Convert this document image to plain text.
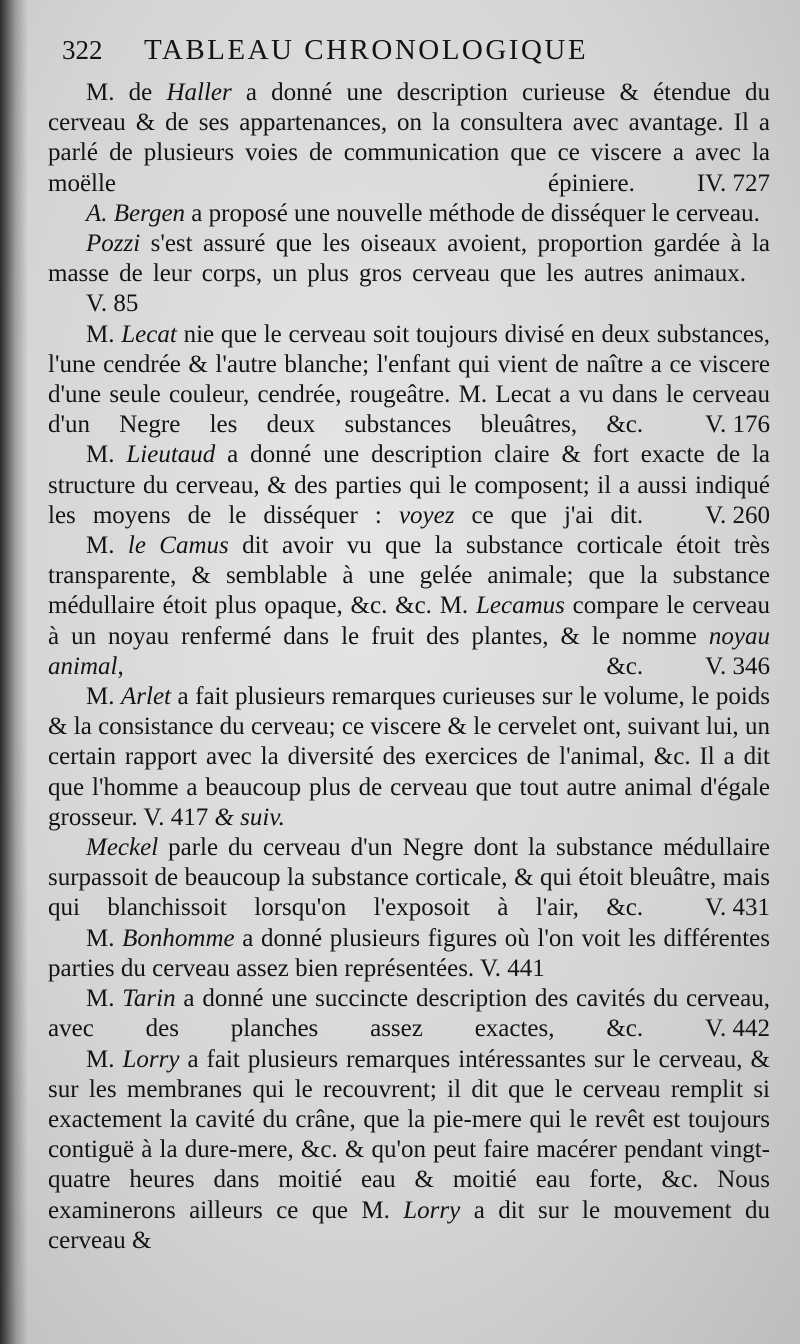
322	TABLEAU CHRONOLOGIQUE

M. de Haller a donné une description curieuse & étendue du cerveau & de ses appartenances, on la consultera avec avantage. Il a parlé de plusieurs voies de communication que ce viscere a avec la moëlle épiniere. IV. 727

A. Bergen a proposé une nouvelle méthode de disséquer le cerveau.

Pozzi s'est assuré que les oiseaux avoient, proportion gardée à la masse de leur corps, un plus gros cerveau que les autres animaux.V. 85

M. Lecat nie que le cerveau soit toujours divisé en deux substances, l'une cendrée & l'autre blanche; l'enfant qui vient de naître a ce viscere d'une seule couleur, cendrée, rougeâtre. M. Lecat a vu dans le cerveau d'un Negre les deux substances bleuâtres, &c. V. 176

M. Lieutaud a donné une description claire & fort exacte de la structure du cerveau, & des parties qui le composent; il a aussi indiqué les moyens de le disséquer : voyez ce que j'ai dit. V. 260

M. le Camus dit avoir vu que la substance corticale étoit très transparente, & semblable à une gelée animale; que la substance médullaire étoit plus opaque, &c. &c. M. Lecamus compare le cerveau à un noyau renfermé dans le fruit des plantes, & le nomme noyau animal, &c. V. 346

M. Arlet a fait plusieurs remarques curieuses sur le volume, le poids & la consistance du cerveau; ce viscere & le cervelet ont, suivant lui, un certain rapport avec la diversité des exercices de l'animal, &c. Il a dit que l'homme a beaucoup plus de cerveau que tout autre animal d'égale grosseur. V. 417 & suiv.

Meckel parle du cerveau d'un Negre dont la substance médullaire surpassoit de beaucoup la substance corticale, & qui étoit bleuâtre, mais qui blanchissoit lorsqu'on l'exposoit à l'air, &c. V. 431

M. Bonhomme a donné plusieurs figures où l'on voit les différentes parties du cerveau assez bien représentées. V. 441

M. Tarin a donné une succincte description des cavités du cerveau, avec des planches assez exactes, &c. V. 442

M. Lorry a fait plusieurs remarques intéressantes sur le cerveau, & sur les membranes qui le recouvrent; il dit que le cerveau remplit si exactement la cavité du crâne, que la pie-mere qui le revêt est toujours contiguë à la dure-mere, &c. & qu'on peut faire macérer pendant vingt-quatre heures dans moitié eau & moitié eau forte, &c. Nous examinerons ailleurs ce que M. Lorry a dit sur le mouvement du cerveau &
